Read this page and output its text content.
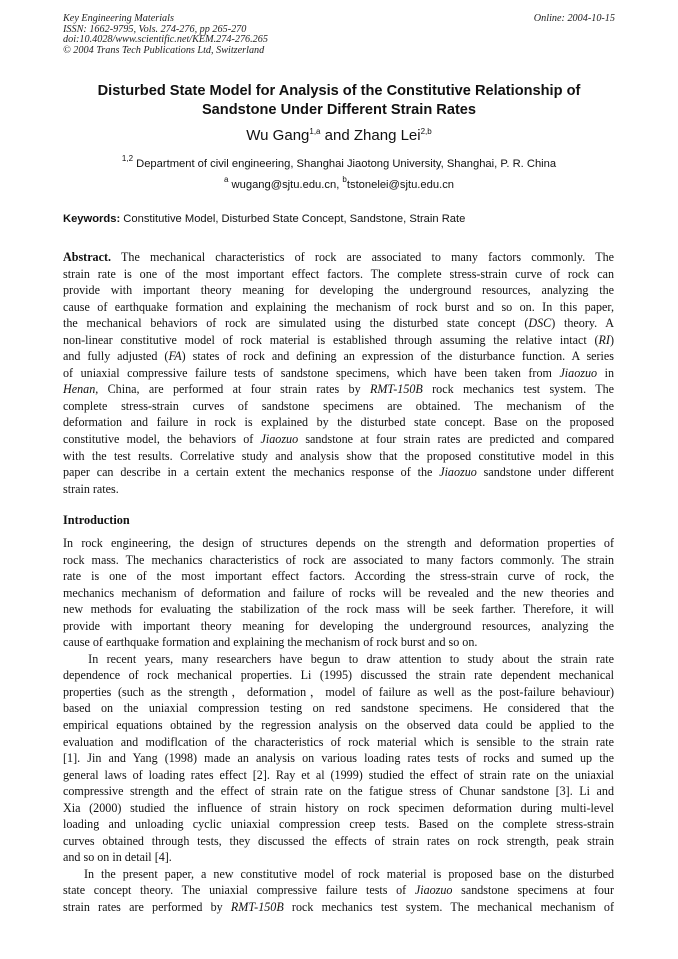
Key Engineering Materials
ISSN: 1662-9795, Vols. 274-276, pp 265-270
doi:10.4028/www.scientific.net/KEM.274-276.265
© 2004 Trans Tech Publications Ltd, Switzerland
Online: 2004-10-15
Disturbed State Model for Analysis of the Constitutive Relationship of
Sandstone Under Different Strain Rates
Wu Gang$^{1,a}$ and Zhang Lei$^{2,b}$
$^{1,2}$ Department of civil engineering, Shanghai Jiaotong University, Shanghai, P. R. China
$^a$ wugang@sjtu.edu.cn, $^b$tstonelei@sjtu.edu.cn
Keywords: Constitutive Model, Disturbed State Concept, Sandstone, Strain Rate
Abstract. The mechanical characteristics of rock are associated to many factors commonly. The
strain rate is one of the most important effect factors. The complete stress-strain curve of rock can
provide with important theory meaning for developing the underground resources, analyzing the
cause of earthquake formation and explaining the mechanism of rock burst and so on. In this paper,
the mechanical behaviors of rock are simulated using the disturbed state concept (DSC) theory. A
non-linear constitutive model of rock material is established through assuming the relative intact (RI)
and fully adjusted (FA) states of rock and defining an expression of the disturbance function. A series
of uniaxial compressive failure tests of sandstone specimens, which have been taken from Jiaozuo in
Henan, China, are performed at four strain rates by RMT-150B rock mechanics test system. The
complete stress-strain curves of sandstone specimens are obtained. The mechanism of the
deformation and failure in rock is explained by the disturbed state concept. Base on the proposed
constitutive model, the behaviors of Jiaozuo sandstone at four strain rates are predicted and compared
with the test results. Correlative study and analysis show that the proposed constitutive model in this
paper can describe in a certain extent the mechanics response of the Jiaozuo sandstone under different
strain rates.
Introduction
In rock engineering, the design of structures depends on the strength and deformation properties of
rock mass. The mechanics characteristics of rock are associated to many factors commonly. The strain
rate is one of the most important effect factors. According the stress-strain curve of rock, the
mechanics mechanism of deformation and failure of rocks will be revealed and the new theories and
new methods for evaluating the stabilization of the rock mass will be seek farther. Therefore, it will
provide with important theory meaning for developing the underground resources, analyzing the
cause of earthquake formation and explaining the mechanism of rock burst and so on.
In recent years, many researchers have begun to draw attention to study about the strain rate
dependence of rock mechanical properties. Li (1995) discussed the strain rate dependent mechanical
properties (such as the strength，deformation，model of failure as well as the post-failure behaviour)
based on the uniaxial compression testing on red sandstone specimens. He considered that the
empirical equations obtained by the regression analysis on the observed data could be applied to the
evaluation and modiflcation of the characteristics of rock material which is sensible to the strain rate
[1]. Jin and Yang (1998) made an analysis on various loading rates tests of rocks and sumed up the
general laws of loading rates effect [2]. Ray et al (1999) studied the effect of strain rate on the uniaxial
compressive strength and the effect of strain rate on the fatigue stress of Chunar sandstone [3]. Li and
Xia (2000) studied the influence of strain history on rock specimen deformation during multi-level
loading and unloading cyclic uniaxial compression creep tests. Based on the complete stress-strain
curves obtained through tests, they discussed the effects of strain rates on rock strength, peak strain
and so on in detail [4].
In the present paper, a new constitutive model of rock material is proposed base on the disturbed
state concept theory. The uniaxial compressive failure tests of Jiaozuo sandstone specimens at four
strain rates are performed by RMT-150B rock mechanics test system. The mechanical mechanism of
